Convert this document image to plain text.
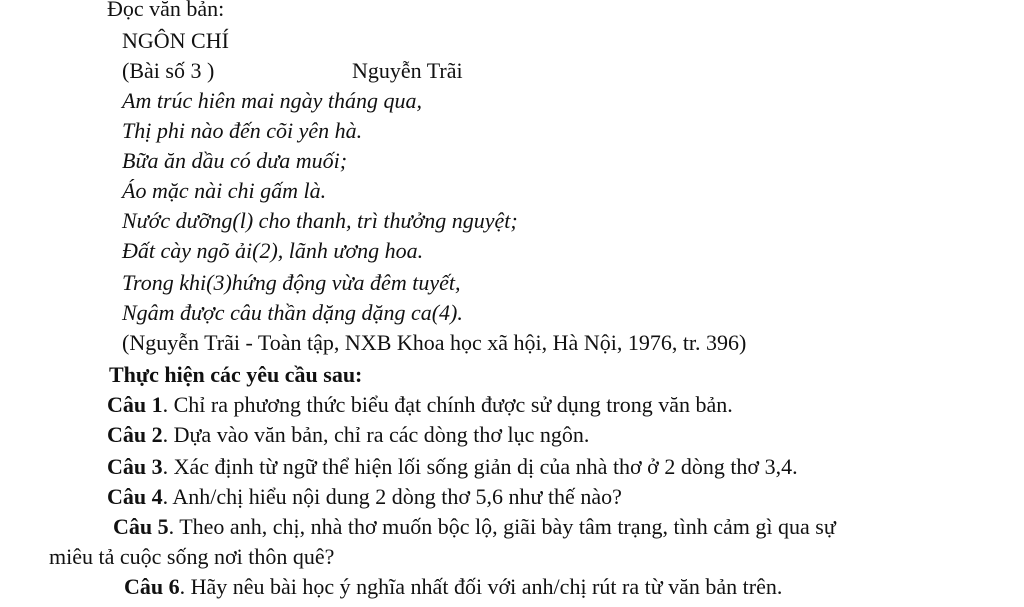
Đọc văn bản:
NGÔN CHÍ
(Bài số 3 )	Nguyễn Trãi
Am trúc hiên mai ngày tháng qua,
Thị phi nào đến cõi yên hà.
Bữa ăn dầu có dưa muối;
Áo mặc nài chi gấm là.
Nước dưỡng(l) cho thanh, trì thưởng nguyệt;
Đất cày ngõ ải(2), lãnh ương hoa.
Trong khi(3)hứng động vừa đêm tuyết,
Ngâm được câu thần dặng dặng ca(4).
(Nguyễn Trãi - Toàn tập, NXB Khoa học xã hội, Hà Nội, 1976, tr. 396)
Thực hiện các yêu cầu sau:
Câu 1. Chỉ ra phương thức biểu đạt chính được sử dụng trong văn bản.
Câu 2. Dựa vào văn bản, chỉ ra các dòng thơ lục ngôn.
Câu 3. Xác định từ ngữ thể hiện lối sống giản dị của nhà thơ ở 2 dòng thơ 3,4.
Câu 4. Anh/chị hiểu nội dung 2 dòng thơ 5,6 như thế nào?
Câu 5. Theo anh, chị, nhà thơ muốn bộc lộ, giãi bày tâm trạng, tình cảm gì qua sự
miêu tả cuộc sống nơi thôn quê?
Câu 6. Hãy nêu bài học ý nghĩa nhất đối với anh/chị rút ra từ văn bản trên.
